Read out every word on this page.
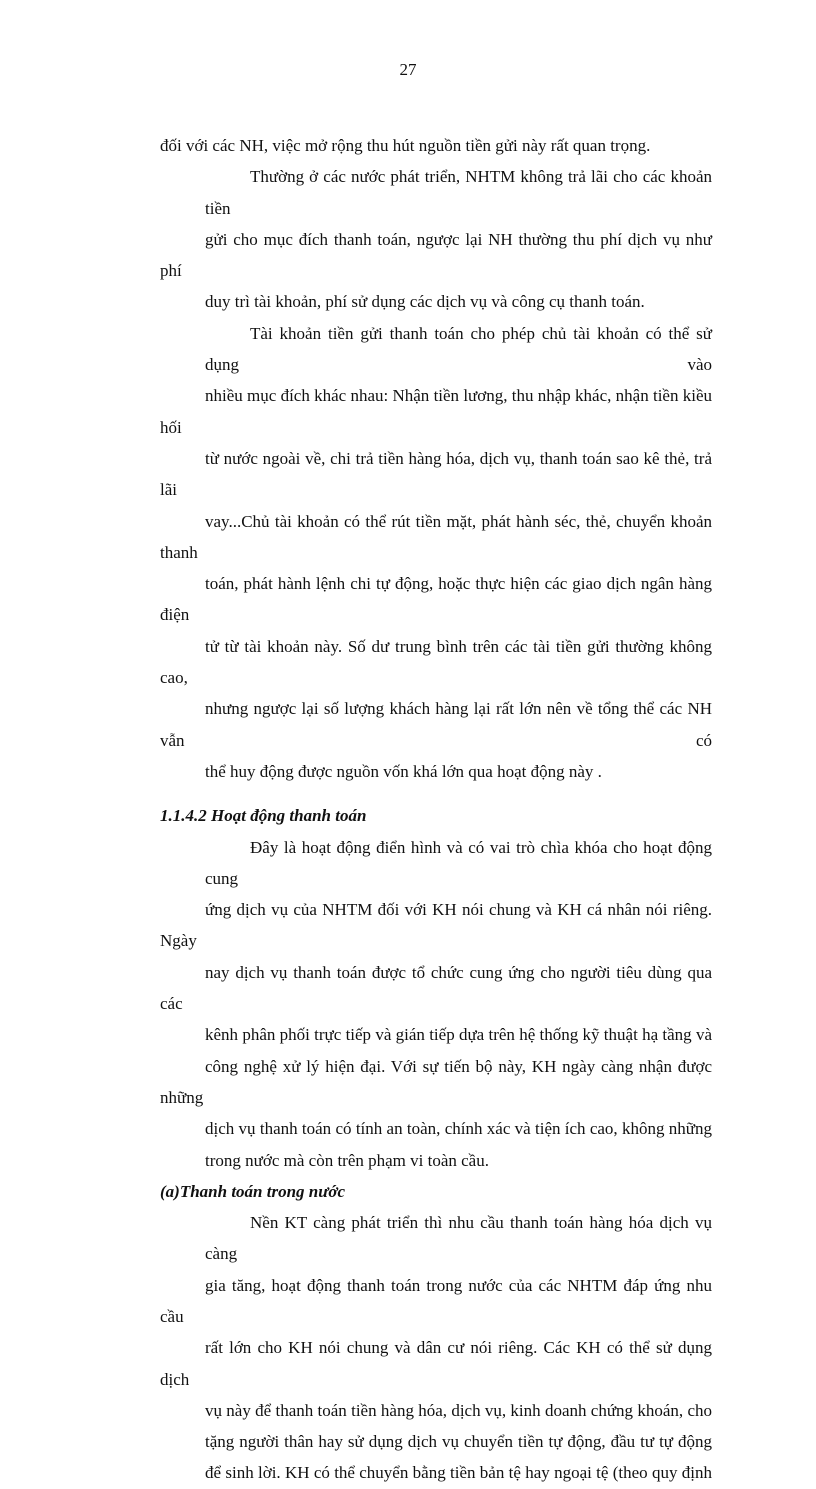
27

đối với các NH, việc mở rộng thu hút nguồn tiền gửi này rất quan trọng.

Thường ở các nước phát triển, NHTM không trả lãi cho các khoản tiền
gửi cho mục đích thanh toán, ngược lại NH thường thu phí dịch vụ như phí
duy trì tài khoản, phí sử dụng các dịch vụ và công cụ thanh toán.

Tài khoản tiền gửi thanh toán cho phép chủ tài khoản có thể sử dụng vào
nhiều mục đích khác nhau: Nhận tiền lương, thu nhập khác, nhận tiền kiều hối
từ nước ngoài về, chi trả tiền hàng hóa, dịch vụ, thanh toán sao kê thẻ, trả lãi
vay...Chủ tài khoản có thể rút tiền mặt, phát hành séc, thẻ, chuyển khoản thanh
toán, phát hành lệnh chi tự động, hoặc thực hiện các giao dịch ngân hàng điện
tử từ tài khoản này. Số dư trung bình trên các tài tiền gửi thường không cao,
nhưng ngược lại số lượng khách hàng lại rất lớn nên về tổng thể các NH vẫn có
thể huy động được nguồn vốn khá lớn qua hoạt động này .

1.1.4.2 Hoạt động thanh toán

Đây là hoạt động điển hình và có vai trò chìa khóa cho hoạt động cung
ứng dịch vụ của NHTM đối với KH nói chung và KH cá nhân nói riêng. Ngày
nay dịch vụ thanh toán được tổ chức cung ứng cho người tiêu dùng qua các
kênh phân phối trực tiếp và gián tiếp dựa trên hệ thống kỹ thuật hạ tầng và
công nghệ xử lý hiện đại. Với sự tiến bộ này, KH ngày càng nhận được những
dịch vụ thanh toán có tính an toàn, chính xác và tiện ích cao, không những
trong nước mà còn trên phạm vi toàn cầu.

(a)Thanh toán trong nước

Nền KT càng phát triển thì nhu cầu thanh toán hàng hóa dịch vụ càng
gia tăng, hoạt động thanh toán trong nước của các NHTM đáp ứng nhu cầu
rất lớn cho KH nói chung và dân cư nói riêng. Các KH có thể sử dụng dịch
vụ này để thanh toán tiền hàng hóa, dịch vụ, kinh doanh chứng khoán, cho
tặng người thân hay sử dụng dịch vụ chuyển tiền tự động, đầu tư tự động
để sinh lời. KH có thể chuyển bằng tiền bản tệ hay ngoại tệ (theo quy định
